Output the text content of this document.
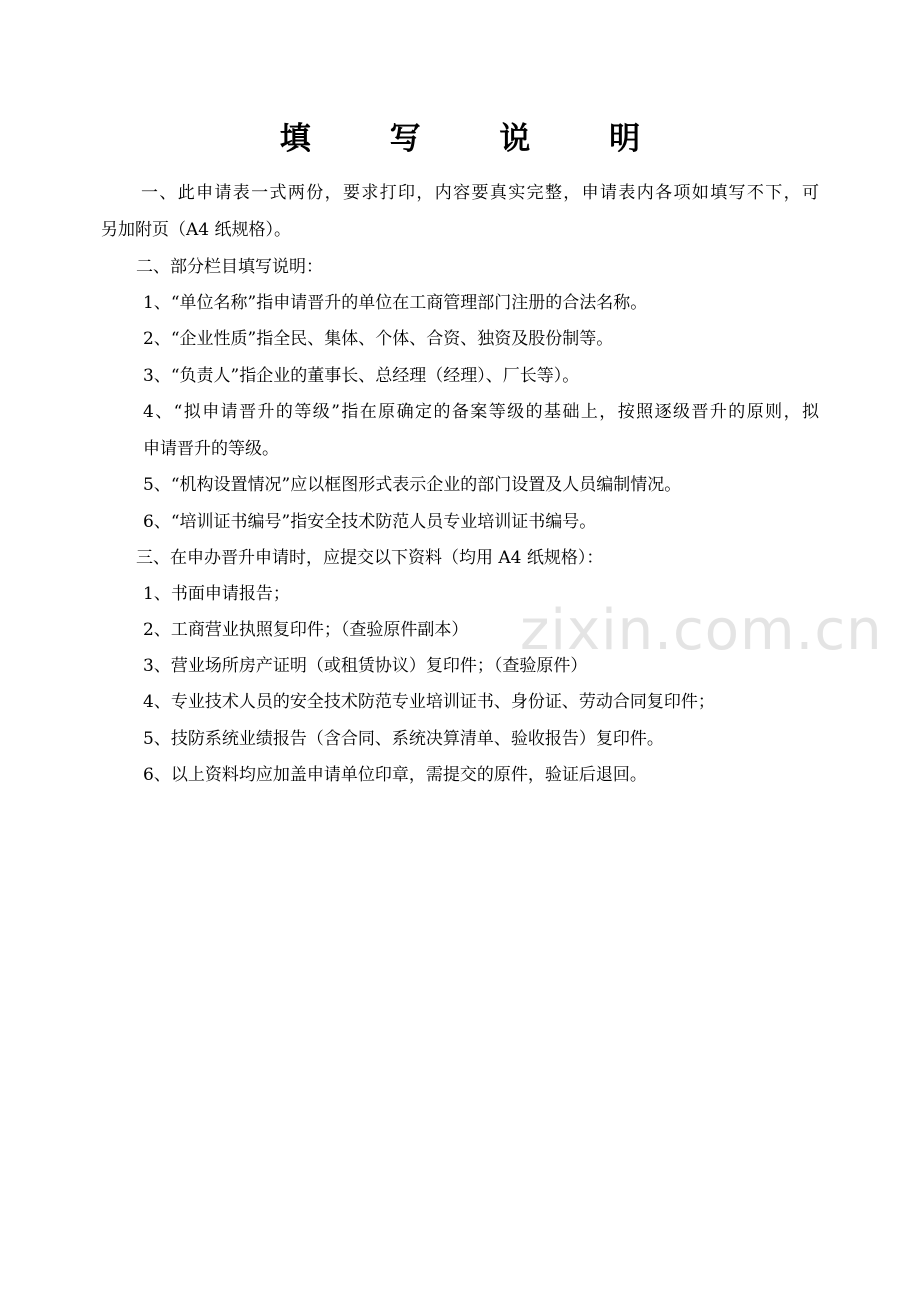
zixin.com.cn
填 写 说 明
一、此申请表一式两份，要求打印，内容要真实完整，申请表内各项如填写不下，可
另加附页（A4 纸规格）。
二、部分栏目填写说明：
1、“单位名称”指申请晋升的单位在工商管理部门注册的合法名称。
2、“企业性质”指全民、集体、个体、合资、独资及股份制等。
3、“负责人”指企业的董事长、总经理（经理）、厂长等）。
4、“拟申请晋升的等级”指在原确定的备案等级的基础上，按照逐级晋升的原则，拟
申请晋升的等级。
5、“机构设置情况”应以框图形式表示企业的部门设置及人员编制情况。
6、“培训证书编号”指安全技术防范人员专业培训证书编号。
三、在申办晋升申请时，应提交以下资料（均用 A4 纸规格）：
1、书面申请报告；
2、工商营业执照复印件；（查验原件副本）
3、营业场所房产证明（或租赁协议）复印件；（查验原件）
4、专业技术人员的安全技术防范专业培训证书、身份证、劳动合同复印件；
5、技防系统业绩报告（含合同、系统决算清单、验收报告）复印件。
6、以上资料均应加盖申请单位印章，需提交的原件，验证后退回。
